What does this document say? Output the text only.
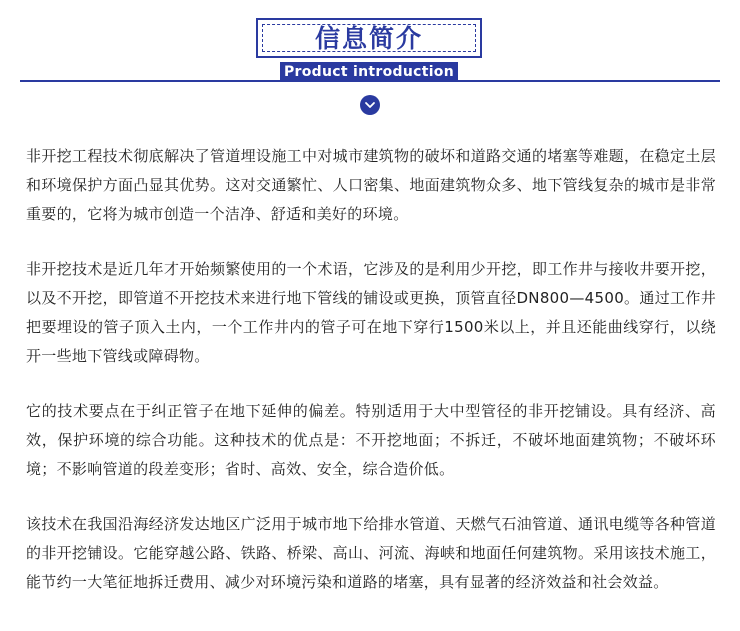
信息简介
Product introduction

非开挖工程技术彻底解决了管道埋设施工中对城市建筑物的破坏和道路交通的堵塞等难题，在稳定土层和环境保护方面凸显其优势。这对交通繁忙、人口密集、地面建筑物众多、地下管线复杂的城市是非常重要的，它将为城市创造一个洁净、舒适和美好的环境。

非开挖技术是近几年才开始频繁使用的一个术语，它涉及的是利用少开挖，即工作井与接收井要开挖，以及不开挖，即管道不开挖技术来进行地下管线的铺设或更换，顶管直径DN800—4500。通过工作井把要埋设的管子顶入土内，一个工作井内的管子可在地下穿行1500米以上，并且还能曲线穿行，以绕开一些地下管线或障碍物。

它的技术要点在于纠正管子在地下延伸的偏差。特别适用于大中型管径的非开挖铺设。具有经济、高效，保护环境的综合功能。这种技术的优点是：不开挖地面；不拆迁，不破坏地面建筑物；不破坏环境；不影响管道的段差变形；省时、高效、安全，综合造价低。

该技术在我国沿海经济发达地区广泛用于城市地下给排水管道、天燃气石油管道、通讯电缆等各种管道的非开挖铺设。它能穿越公路、铁路、桥梁、高山、河流、海峡和地面任何建筑物。采用该技术施工，能节约一大笔征地拆迁费用、减少对环境污染和道路的堵塞，具有显著的经济效益和社会效益。
